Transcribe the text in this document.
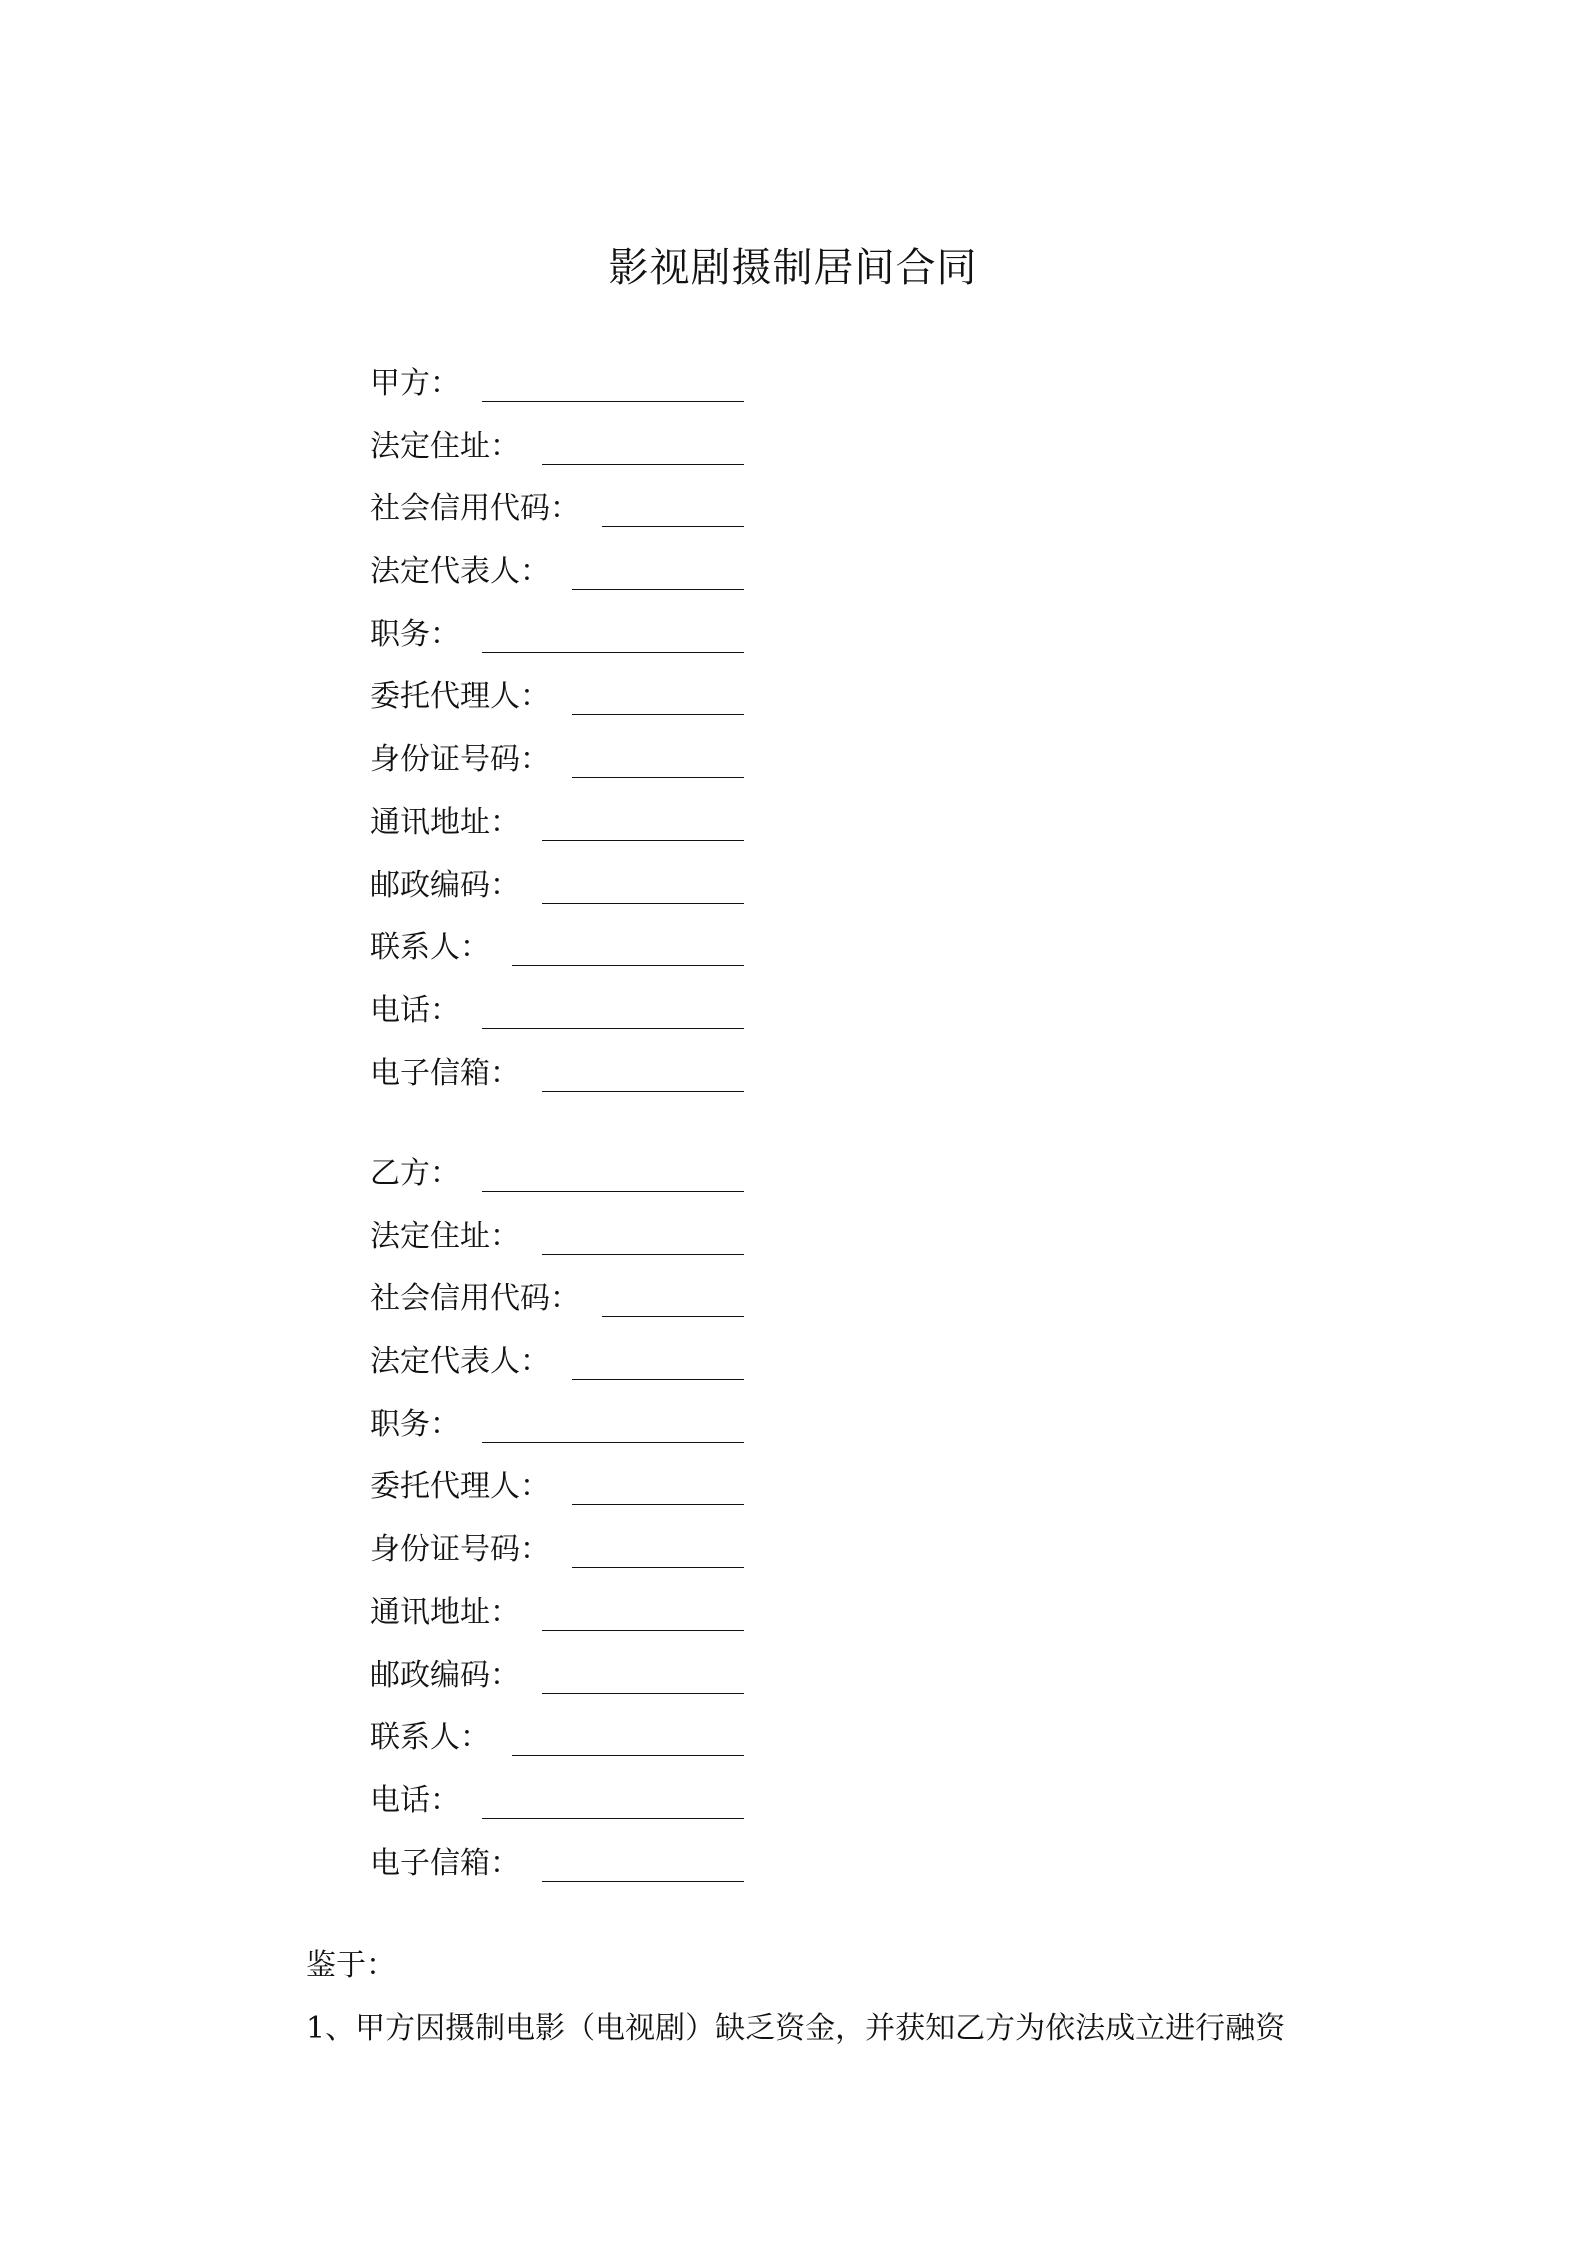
影视剧摄制居间合同
甲方：
法定住址：
社会信用代码：
法定代表人：
职务：
委托代理人：
身份证号码：
通讯地址：
邮政编码：
联系人：
电话：
电子信箱：
乙方：
法定住址：
社会信用代码：
法定代表人：
职务：
委托代理人：
身份证号码：
通讯地址：
邮政编码：
联系人：
电话：
电子信箱：
鉴于：
1、甲方因摄制电影（电视剧）缺乏资金，并获知乙方为依法成立进行融资
